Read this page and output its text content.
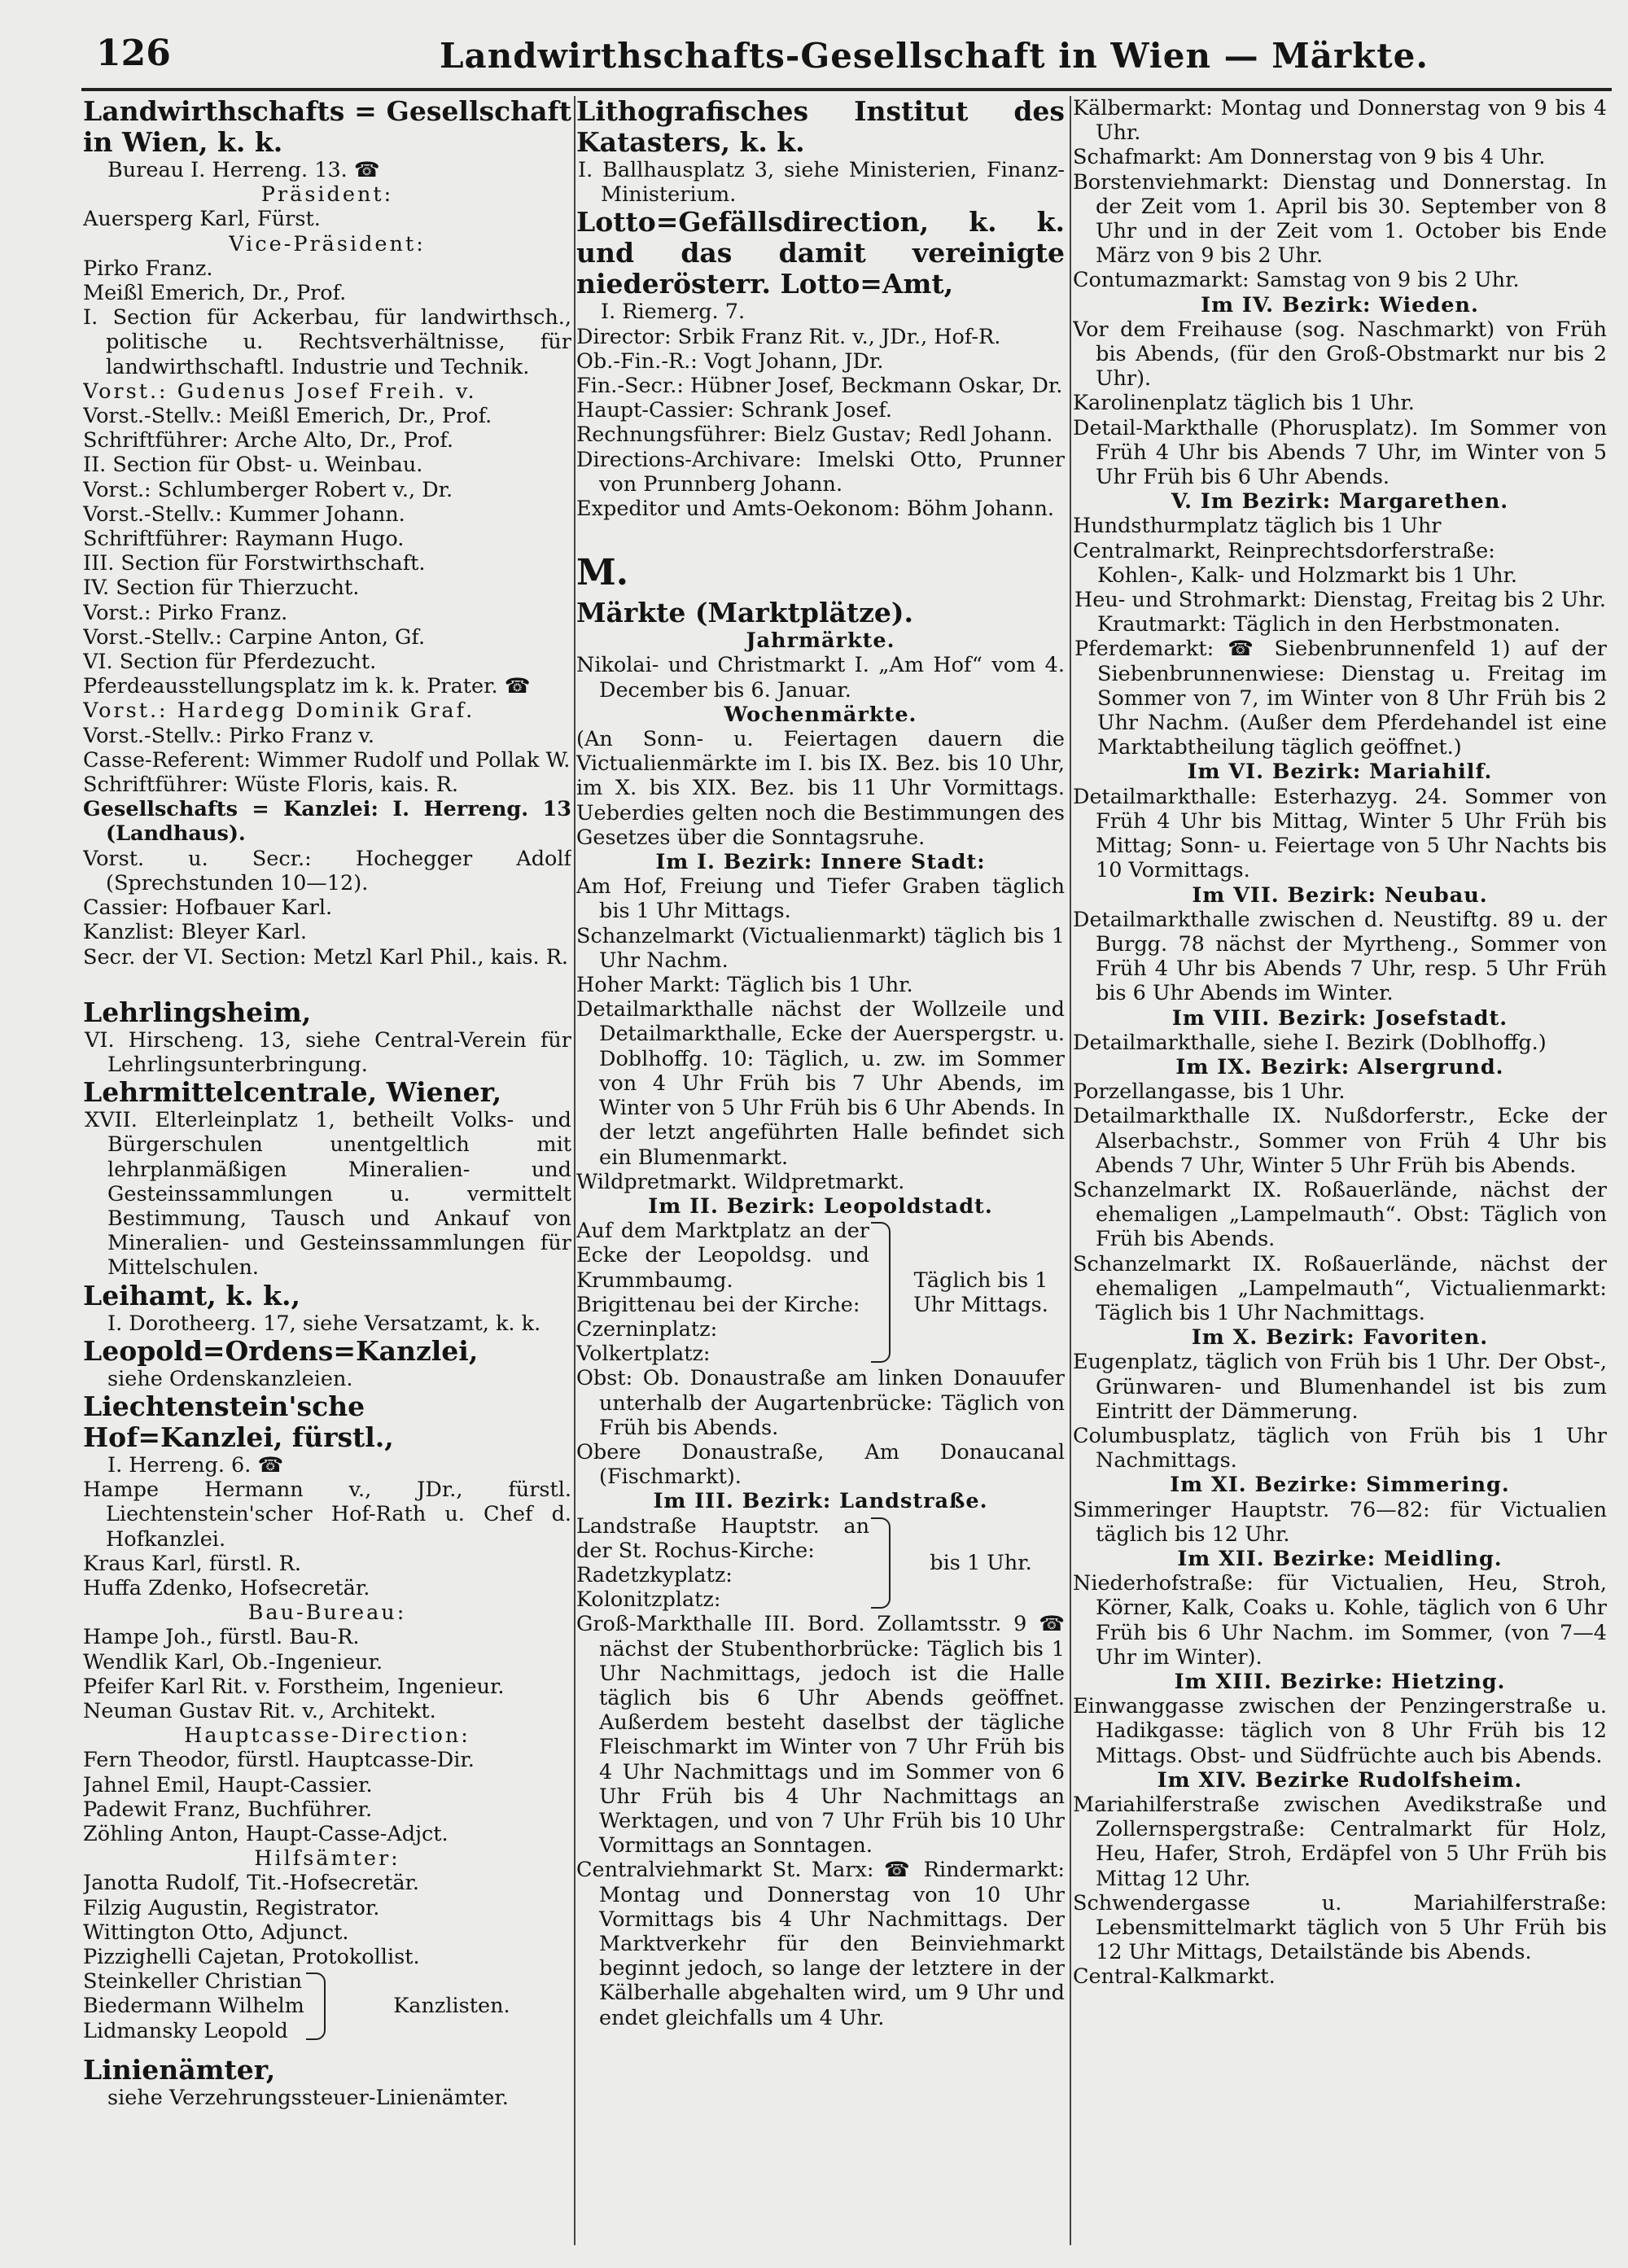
126	Landwirthschafts-Gesellschaft in Wien — Märkte.

Landwirthschafts = Gesellschaft in Wien, k. k.

Bureau I. Herreng. 13. ☎

Präsident:

Auersperg Karl, Fürst.

Vice-Präsident:

Pirko Franz.

Meißl Emerich, Dr., Prof.

I. Section für Ackerbau, für landwirthsch., politische u. Rechtsverhältnisse, für landwirthschaftl. Industrie und Technik.

Vorst.: Gudenus Josef Freih. v.

Vorst.-Stellv.: Meißl Emerich, Dr., Prof.

Schriftführer: Arche Alto, Dr., Prof.

II. Section für Obst- u. Weinbau.

Vorst.: Schlumberger Robert v., Dr.

Vorst.-Stellv.: Kummer Johann.

Schriftführer: Raymann Hugo.

III. Section für Forstwirthschaft.

IV. Section für Thierzucht.

Vorst.: Pirko Franz.

Vorst.-Stellv.: Carpine Anton, Gf.

VI. Section für Pferdezucht.

Pferdeausstellungsplatz im k. k. Prater. ☎

Vorst.: Hardegg Dominik Graf.

Vorst.-Stellv.: Pirko Franz v.

Casse-Referent: Wimmer Rudolf und Pollak W.

Schriftführer: Wüste Floris, kais. R.

Gesellschafts = Kanzlei: I. Herreng. 13 (Landhaus).

Vorst. u. Secr.: Hochegger Adolf (Sprechstunden 10—12).

Cassier: Hofbauer Karl.

Kanzlist: Bleyer Karl.

Secr. der VI. Section: Metzl Karl Phil., kais. R.

Lehrlingsheim,

VI. Hirscheng. 13, siehe Central-Verein für Lehrlingsunterbringung.

Lehrmittelcentrale, Wiener,

XVII. Elterleinplatz 1, betheilt Volks- und Bürgerschulen unentgeltlich mit lehrplanmäßigen Mineralien- und Gesteinssammlungen u. vermittelt Bestimmung, Tausch und Ankauf von Mineralien- und Gesteinssammlungen für Mittelschulen.

Leihamt, k. k.,

I. Dorotheerg. 17, siehe Versatzamt, k. k.

Leopold=Ordens=Kanzlei,

siehe Ordenskanzleien.

Liechtenstein'sche Hof=Kanzlei, fürstl.,

I. Herreng. 6. ☎

Hampe Hermann v., JDr., fürstl. Liechtenstein'scher Hof-Rath u. Chef d. Hofkanzlei.

Kraus Karl, fürstl. R.

Huffa Zdenko, Hofsecretär.

Bau-Bureau:

Hampe Joh., fürstl. Bau-R.

Wendlik Karl, Ob.-Ingenieur.

Pfeifer Karl Rit. v. Forstheim, Ingenieur.

Neuman Gustav Rit. v., Architekt.

Hauptcasse-Direction:

Fern Theodor, fürstl. Hauptcasse-Dir.

Jahnel Emil, Haupt-Cassier.

Padewit Franz, Buchführer.

Zöhling Anton, Haupt-Casse-Adjct.

Hilfsämter:

Janotta Rudolf, Tit.-Hofsecretär.

Filzig Augustin, Registrator.

Wittington Otto, Adjunct.

Pizzighelli Cajetan, Protokollist.

Steinkeller Christian

Biedermann Wilhelm

Lidmansky Leopold

Kanzlisten.

Linienämter,

siehe Verzehrungssteuer-Linienämter.

Lithografisches Institut des Katasters, k. k.

I. Ballhausplatz 3, siehe Ministerien, Finanz-Ministerium.

Lotto=Gefällsdirection, k. k. und das damit vereinigte niederösterr. Lotto=Amt,

I. Riemerg. 7.

Director: Srbik Franz Rit. v., JDr., Hof-R.

Ob.-Fin.-R.: Vogt Johann, JDr.

Fin.-Secr.: Hübner Josef, Beckmann Oskar, Dr.

Haupt-Cassier: Schrank Josef.

Rechnungsführer: Bielz Gustav; Redl Johann.

Directions-Archivare: Imelski Otto, Prunner von Prunnberg Johann.

Expeditor und Amts-Oekonom: Böhm Johann.

M.

Märkte (Marktplätze).

Jahrmärkte.

Nikolai- und Christmarkt I. „Am Hof“ vom 4. December bis 6. Januar.

Wochenmärkte.

(An Sonn- u. Feiertagen dauern die Victualienmärkte im I. bis IX. Bez. bis 10 Uhr, im X. bis XIX. Bez. bis 11 Uhr Vormittags. Ueberdies gelten noch die Bestimmungen des Gesetzes über die Sonntagsruhe.

Im I. Bezirk: Innere Stadt:

Am Hof, Freiung und Tiefer Graben täglich bis 1 Uhr Mittags.

Schanzelmarkt (Victualienmarkt) täglich bis 1 Uhr Nachm.

Hoher Markt: Täglich bis 1 Uhr.

Detailmarkthalle nächst der Wollzeile und Detailmarkthalle, Ecke der Auerspergstr. u. Doblhoffg. 10: Täglich, u. zw. im Sommer von 4 Uhr Früh bis 7 Uhr Abends, im Winter von 5 Uhr Früh bis 6 Uhr Abends. In der letzt angeführten Halle befindet sich ein Blumenmarkt.

Wildpretmarkt. Wildpretmarkt.

Im II. Bezirk: Leopoldstadt.

Auf dem Marktplatz an der Ecke der Leopoldsg. und Krummbaumg.

Brigittenau bei der Kirche:

Czerninplatz:

Volkertplatz:

Täglich bis 1 Uhr Mittags.

Obst: Ob. Donaustraße am linken Donauufer unterhalb der Augartenbrücke: Täglich von Früh bis Abends.

Obere Donaustraße, Am Donaucanal (Fischmarkt).

Im III. Bezirk: Landstraße.

Landstraße Hauptstr. an der St. Rochus-Kirche:

Radetzkyplatz:

Kolonitzplatz:

bis 1 Uhr.

Groß-Markthalle III. Bord. Zollamtsstr. 9 ☎ nächst der Stubenthorbrücke: Täglich bis 1 Uhr Nachmittags, jedoch ist die Halle täglich bis 6 Uhr Abends geöffnet. Außerdem besteht daselbst der tägliche Fleischmarkt im Winter von 7 Uhr Früh bis 4 Uhr Nachmittags und im Sommer von 6 Uhr Früh bis 4 Uhr Nachmittags an Werktagen, und von 7 Uhr Früh bis 10 Uhr Vormittags an Sonntagen.

Centralviehmarkt St. Marx: ☎ Rindermarkt: Montag und Donnerstag von 10 Uhr Vormittags bis 4 Uhr Nachmittags. Der Marktverkehr für den Beinviehmarkt beginnt jedoch, so lange der letztere in der Kälberhalle abgehalten wird, um 9 Uhr und endet gleichfalls um 4 Uhr.

Kälbermarkt: Montag und Donnerstag von 9 bis 4 Uhr.

Schafmarkt: Am Donnerstag von 9 bis 4 Uhr.

Borstenviehmarkt: Dienstag und Donnerstag. In der Zeit vom 1. April bis 30. September von 8 Uhr und in der Zeit vom 1. October bis Ende März von 9 bis 2 Uhr.

Contumazmarkt: Samstag von 9 bis 2 Uhr.

Im IV. Bezirk: Wieden.

Vor dem Freihause (sog. Naschmarkt) von Früh bis Abends, (für den Groß-Obstmarkt nur bis 2 Uhr).

Karolinenplatz täglich bis 1 Uhr.

Detail-Markthalle (Phorusplatz). Im Sommer von Früh 4 Uhr bis Abends 7 Uhr, im Winter von 5 Uhr Früh bis 6 Uhr Abends.

V. Im Bezirk: Margarethen.

Hundsthurmplatz täglich bis 1 Uhr

Centralmarkt, Reinprechtsdorferstraße:

Kohlen-, Kalk- und Holzmarkt bis 1 Uhr.

Heu- und Strohmarkt: Dienstag, Freitag bis 2 Uhr.

Krautmarkt: Täglich in den Herbstmonaten.

Pferdemarkt: ☎ Siebenbrunnenfeld 1) auf der Siebenbrunnenwiese: Dienstag u. Freitag im Sommer von 7, im Winter von 8 Uhr Früh bis 2 Uhr Nachm. (Außer dem Pferdehandel ist eine Marktabtheilung täglich geöffnet.)

Im VI. Bezirk: Mariahilf.

Detailmarkthalle: Esterhazyg. 24. Sommer von Früh 4 Uhr bis Mittag, Winter 5 Uhr Früh bis Mittag; Sonn- u. Feiertage von 5 Uhr Nachts bis 10 Vormittags.

Im VII. Bezirk: Neubau.

Detailmarkthalle zwischen d. Neustiftg. 89 u. der Burgg. 78 nächst der Myrtheng., Sommer von Früh 4 Uhr bis Abends 7 Uhr, resp. 5 Uhr Früh bis 6 Uhr Abends im Winter.

Im VIII. Bezirk: Josefstadt.

Detailmarkthalle, siehe I. Bezirk (Doblhoffg.)

Im IX. Bezirk: Alsergrund.

Porzellangasse, bis 1 Uhr.

Detailmarkthalle IX. Nußdorferstr., Ecke der Alserbachstr., Sommer von Früh 4 Uhr bis Abends 7 Uhr, Winter 5 Uhr Früh bis Abends.

Schanzelmarkt IX. Roßauerlände, nächst der ehemaligen „Lampelmauth“. Obst: Täglich von Früh bis Abends.

Schanzelmarkt IX. Roßauerlände, nächst der ehemaligen „Lampelmauth“, Victualienmarkt: Täglich bis 1 Uhr Nachmittags.

Im X. Bezirk: Favoriten.

Eugenplatz, täglich von Früh bis 1 Uhr. Der Obst-, Grünwaren- und Blumenhandel ist bis zum Eintritt der Dämmerung.

Columbusplatz, täglich von Früh bis 1 Uhr Nachmittags.

Im XI. Bezirke: Simmering.

Simmeringer Hauptstr. 76—82: für Victualien täglich bis 12 Uhr.

Im XII. Bezirke: Meidling.

Niederhofstraße: für Victualien, Heu, Stroh, Körner, Kalk, Coaks u. Kohle, täglich von 6 Uhr Früh bis 6 Uhr Nachm. im Sommer, (von 7—4 Uhr im Winter).

Im XIII. Bezirke: Hietzing.

Einwanggasse zwischen der Penzingerstraße u. Hadikgasse: täglich von 8 Uhr Früh bis 12 Mittags. Obst- und Südfrüchte auch bis Abends.

Im XIV. Bezirke Rudolfsheim.

Mariahilferstraße zwischen Avedikstraße und Zollernspergstraße: Centralmarkt für Holz, Heu, Hafer, Stroh, Erdäpfel von 5 Uhr Früh bis Mittag 12 Uhr.

Schwendergasse u. Mariahilferstraße: Lebensmittelmarkt täglich von 5 Uhr Früh bis 12 Uhr Mittags, Detailstände bis Abends.

Central-Kalkmarkt.
